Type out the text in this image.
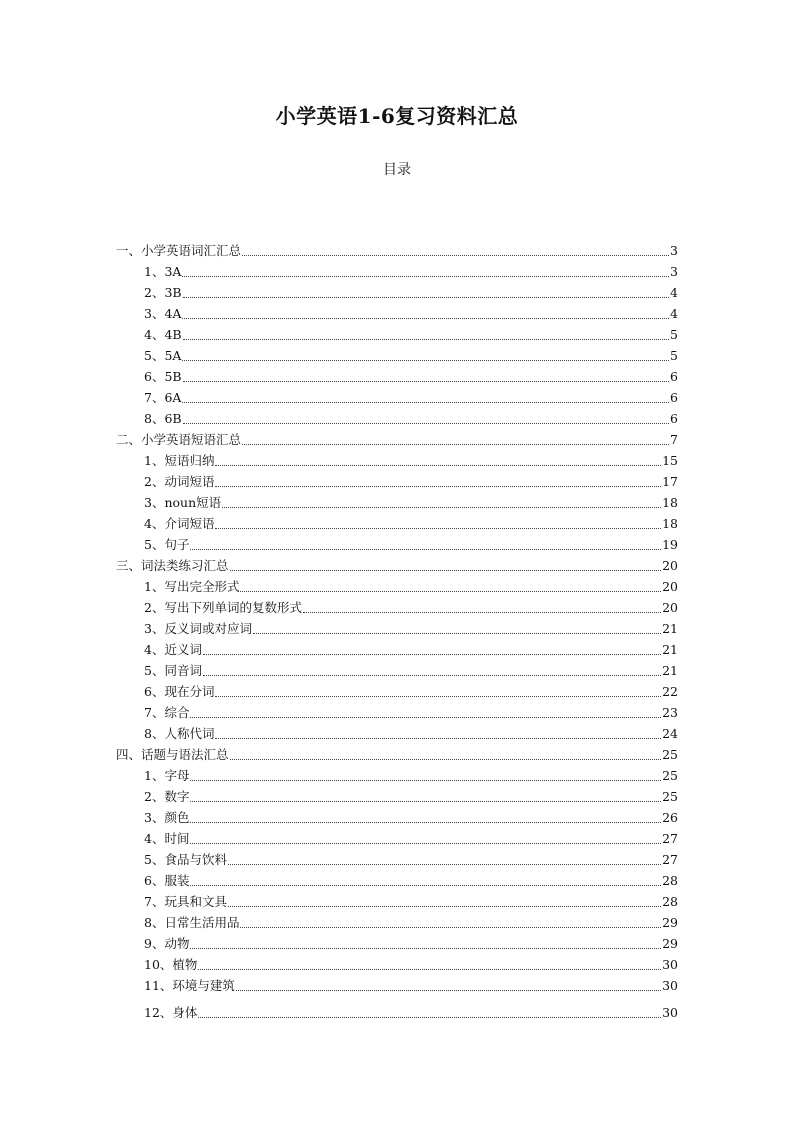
小学英语1-6复习资料汇总
目录
一、小学英语词汇汇总	3
1、3A	3
2、3B	4
3、4A	4
4、4B	5
5、5A	5
6、5B	6
7、6A	6
8、6B	6
二、小学英语短语汇总	7
1、短语归纳	15
2、动词短语	17
3、noun短语	18
4、介词短语	18
5、句子	19
三、词法类练习汇总	20
1、写出完全形式	20
2、写出下列单词的复数形式	20
3、反义词或对应词	21
4、近义词	21
5、同音词	21
6、现在分词	22
7、综合	23
8、人称代词	24
四、话题与语法汇总	25
1、字母	25
2、数字	25
3、颜色	26
4、时间	27
5、食品与饮料	27
6、服装	28
7、玩具和文具	28
8、日常生活用品	29
9、动物	29
10、植物	30
11、环境与建筑	30
12、身体	30
